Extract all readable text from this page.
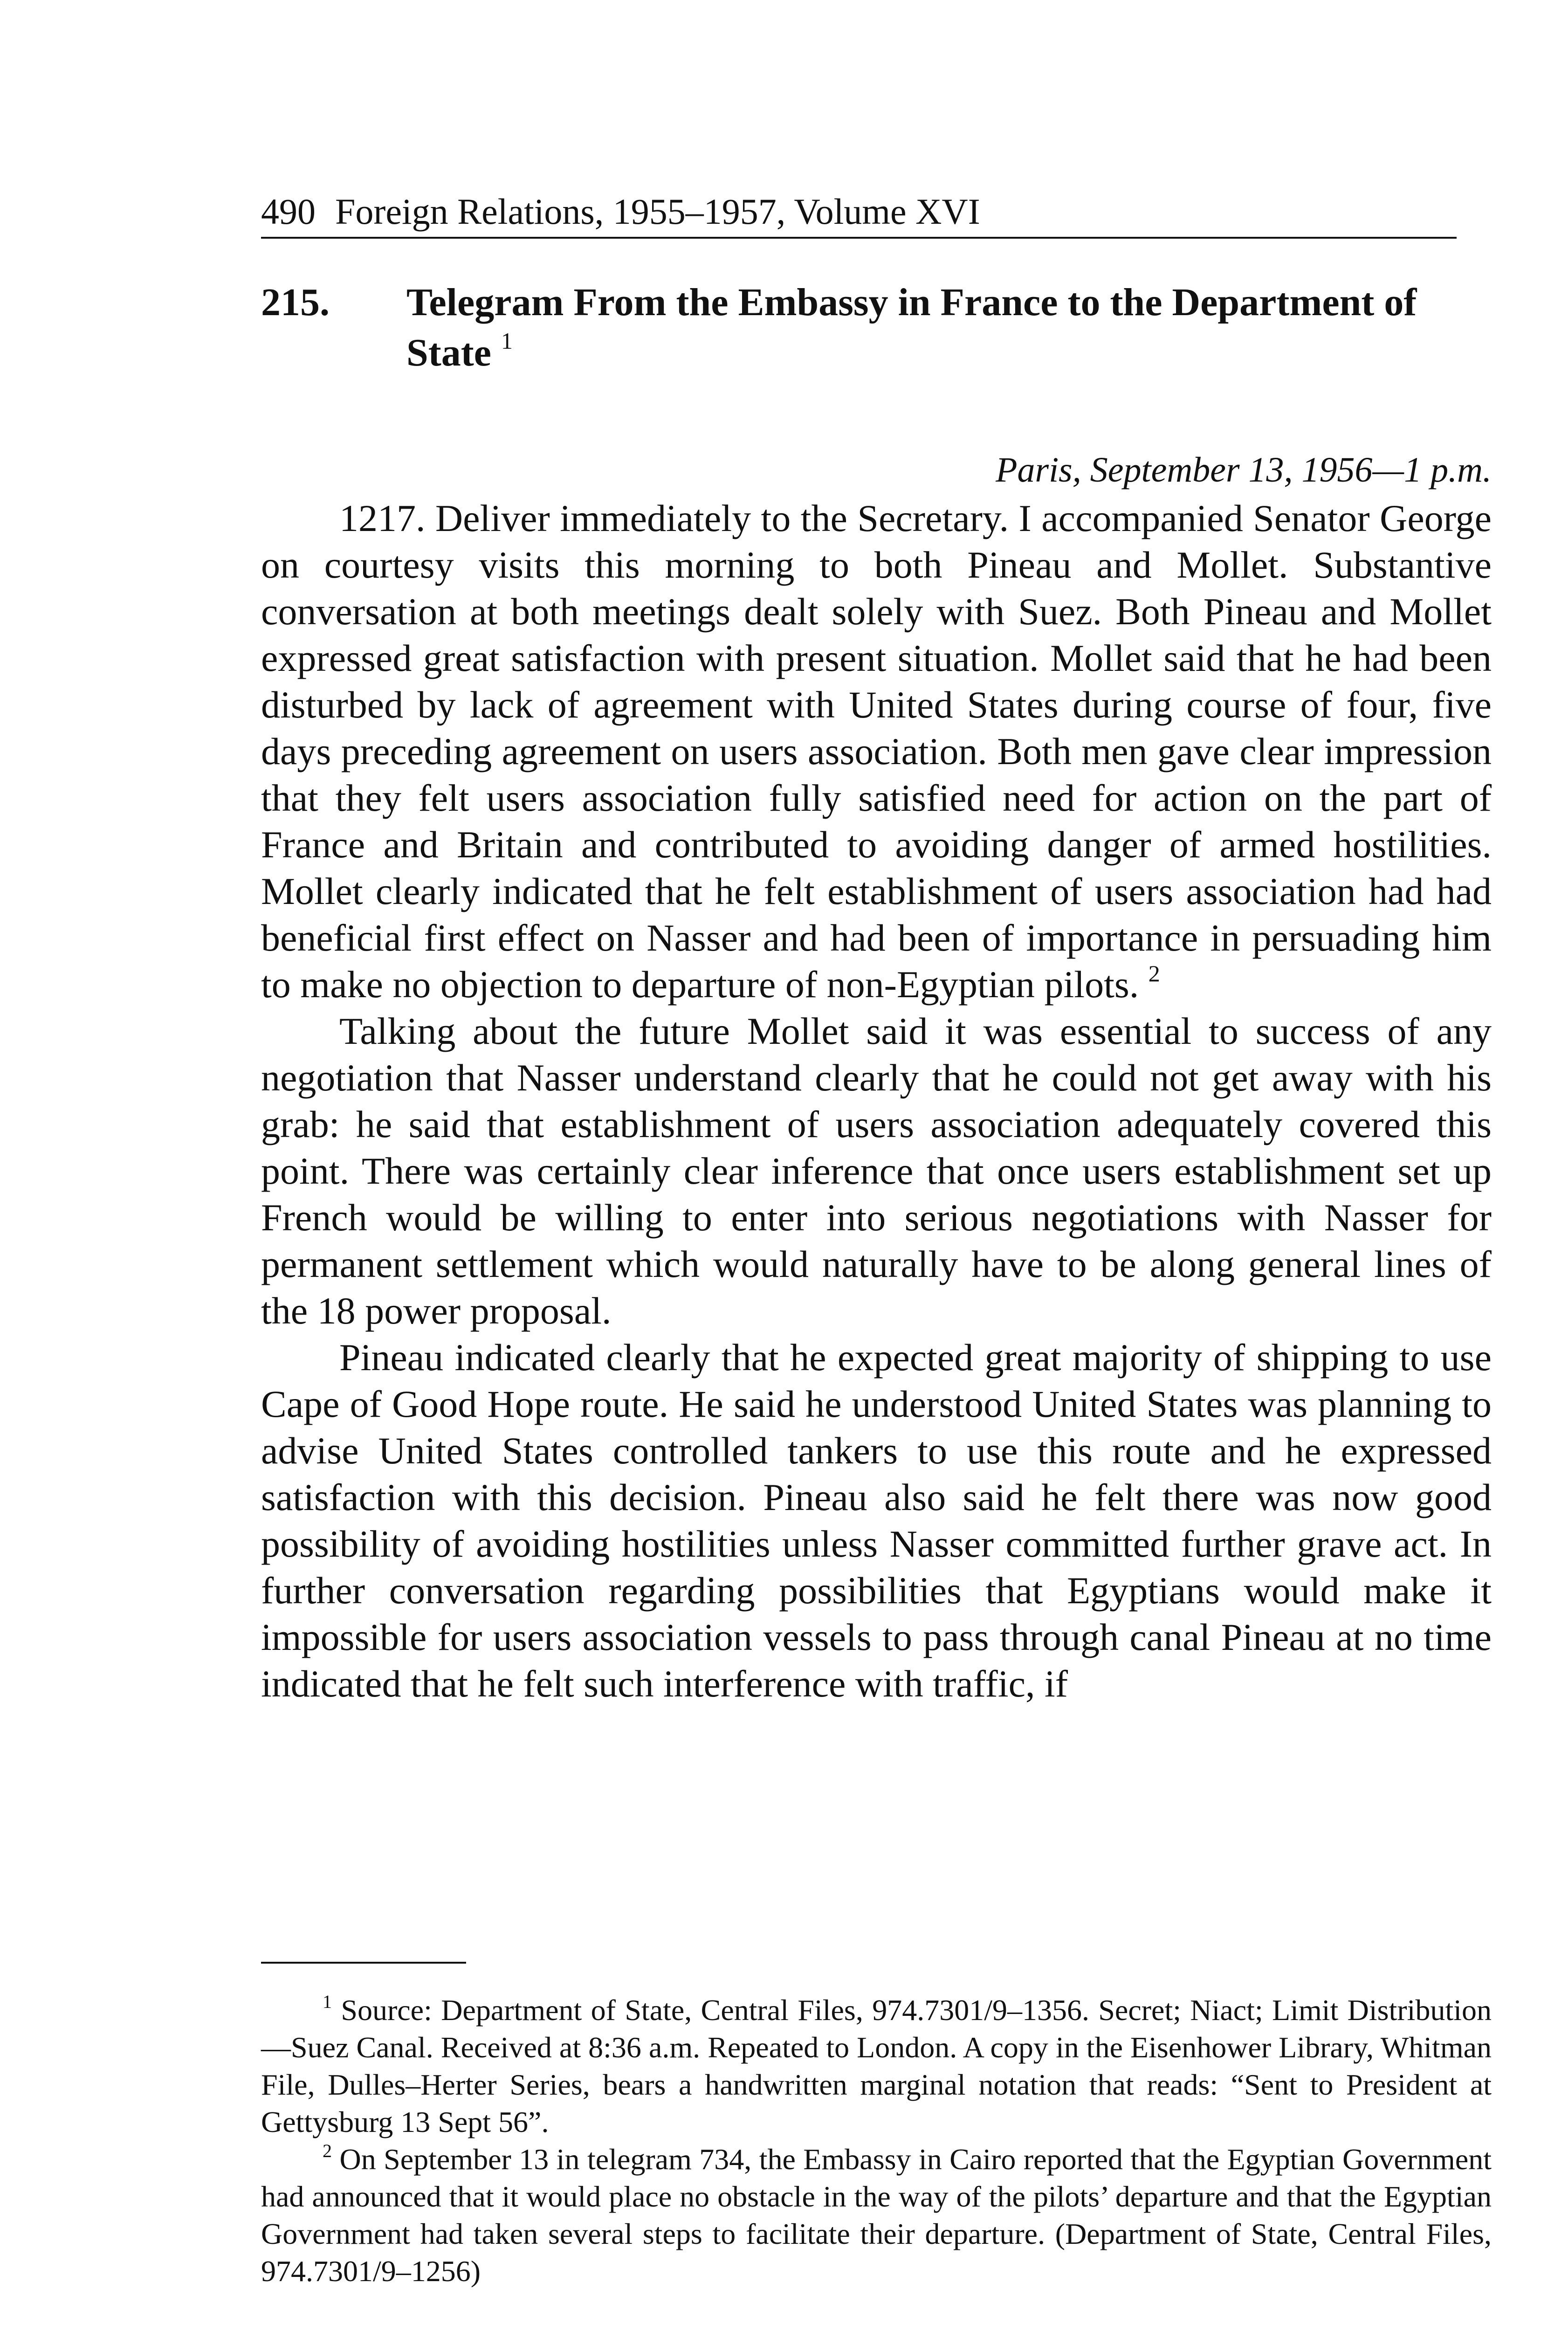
490 Foreign Relations, 1955–1957, Volume XVI
215. Telegram From the Embassy in France to the Department of State $^1$
Paris, September 13, 1956—1 p.m.

1217. Deliver immediately to the Secretary. I accompanied Senator George on courtesy visits this morning to both Pineau and Mollet. Substantive conversation at both meetings dealt solely with Suez. Both Pineau and Mollet expressed great satisfaction with present situation. Mollet said that he had been disturbed by lack of agreement with United States during course of four, five days preceding agreement on users association. Both men gave clear impression that they felt users association fully satisfied need for action on the part of France and Britain and contributed to avoiding danger of armed hostilities. Mollet clearly indicated that he felt establishment of users association had had beneficial first effect on Nasser and had been of importance in persuading him to make no objection to departure of non-Egyptian pilots. $^2$

Talking about the future Mollet said it was essential to success of any negotiation that Nasser understand clearly that he could not get away with his grab: he said that establishment of users association adequately covered this point. There was certainly clear inference that once users establishment set up French would be willing to enter into serious negotiations with Nasser for permanent settlement which would naturally have to be along general lines of the 18 power proposal.

Pineau indicated clearly that he expected great majority of shipping to use Cape of Good Hope route. He said he understood United States was planning to advise United States controlled tankers to use this route and he expressed satisfaction with this decision. Pineau also said he felt there was now good possibility of avoiding hostilities unless Nasser committed further grave act. In further conversation regarding possibilities that Egyptians would make it impossible for users association vessels to pass through canal Pineau at no time indicated that he felt such interference with traffic, if

$^1$ Source: Department of State, Central Files, 974.7301/9–1356. Secret; Niact; Limit Distribution—Suez Canal. Received at 8:36 a.m. Repeated to London. A copy in the Eisenhower Library, Whitman File, Dulles–Herter Series, bears a handwritten marginal notation that reads: “Sent to President at Gettysburg 13 Sept 56”.

$^2$ On September 13 in telegram 734, the Embassy in Cairo reported that the Egyptian Government had announced that it would place no obstacle in the way of the pilots’ departure and that the Egyptian Government had taken several steps to facilitate their departure. (Department of State, Central Files, 974.7301/9–1256)
